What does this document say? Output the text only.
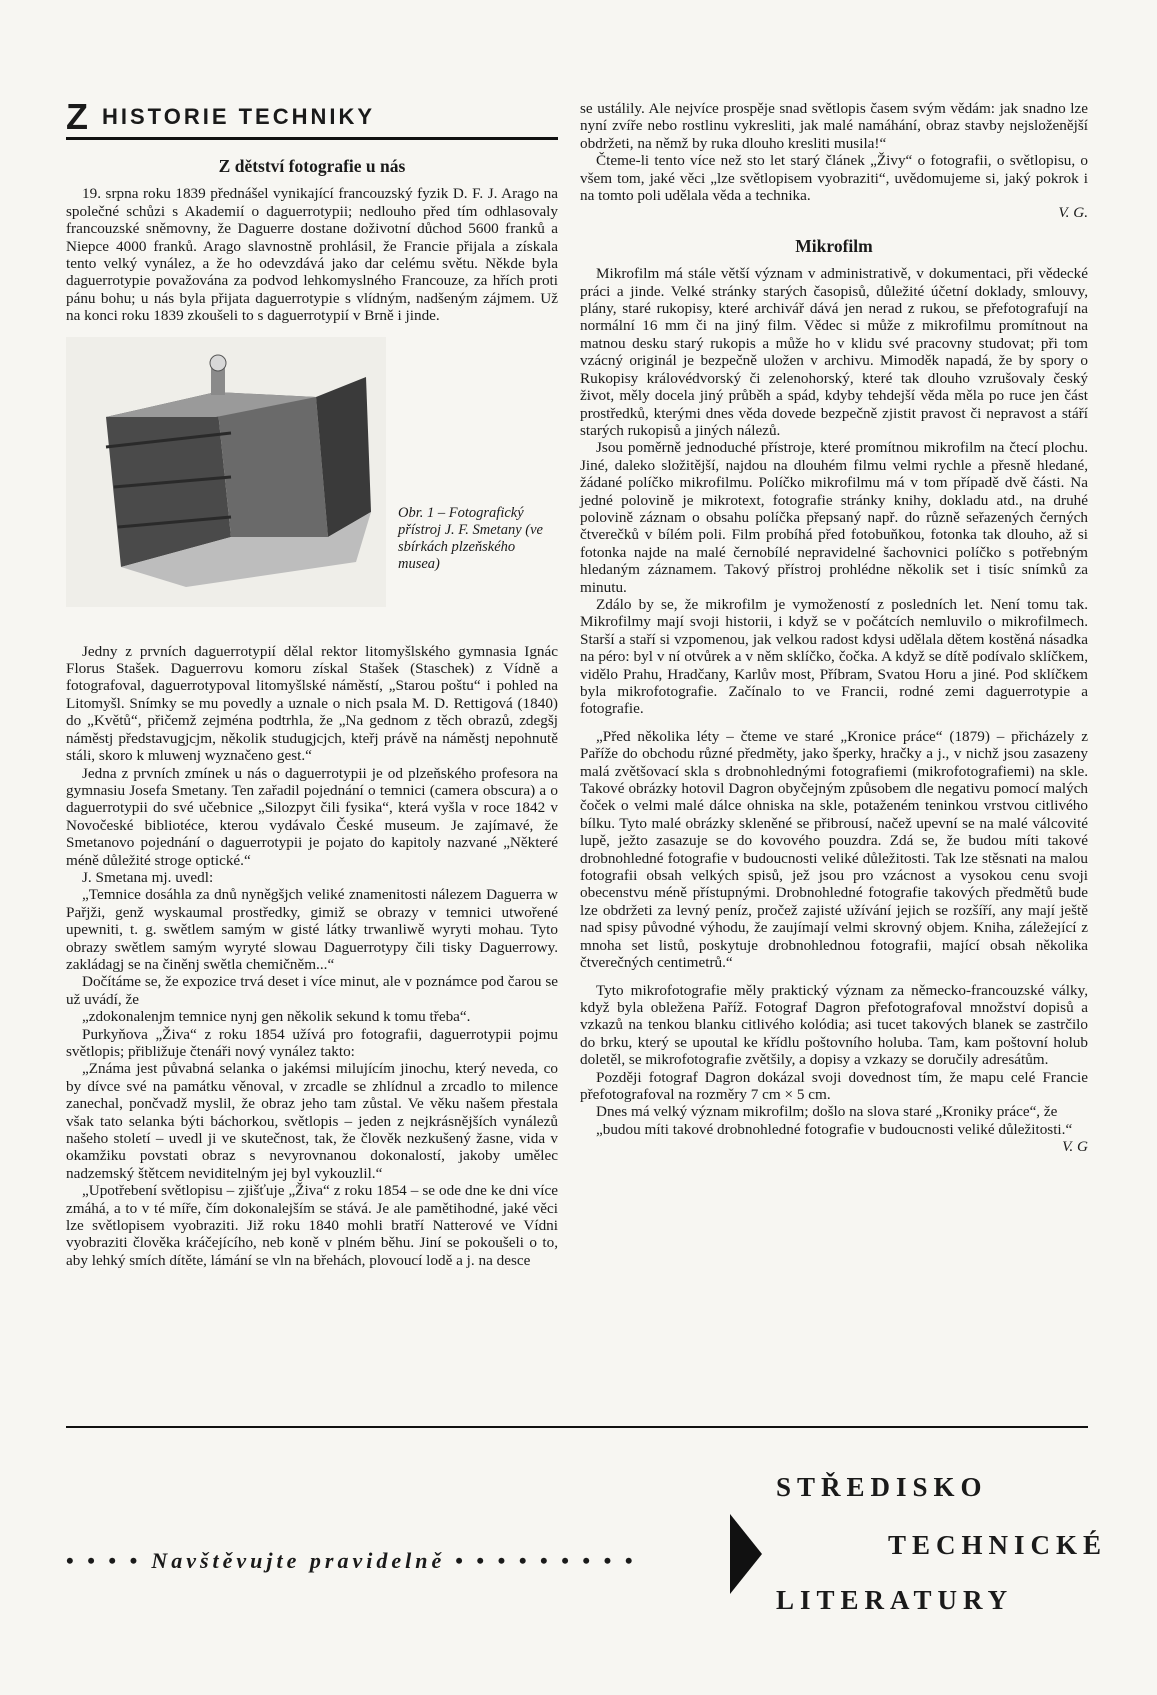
Z HISTORIE TECHNIKY
Z dětství fotografie u nás

19. srpna roku 1839 přednášel vynikající francouzský fyzik D. F. J. Arago na společné schůzi s Akademií o daguerrotypii; nedlouho před tím odhlasovaly francouzské sněmovny, že Daguerre dostane doživotní důchod 5600 franků a Niepce 4000 franků. Arago slavnostně prohlásil, že Francie přijala a získala tento velký vynález, a že ho odevzdává jako dar celému světu. Někde byla daguerrotypie považována za podvod lehkomyslného Francouze, za hřích proti pánu bohu; u nás byla přijata daguerrotypie s vlídným, nadšeným zájmem. Už na konci roku 1839 zkoušeli to s daguerrotypií v Brně i jinde.

Obr. 1 – Fotografický přístroj J. F. Smetany (ve sbírkách plzeňského musea)

Jedny z prvních daguerrotypií dělal rektor litomyšlského gymnasia Ignác Florus Stašek. Daguerrovu komoru získal Stašek (Staschek) z Vídně a fotografoval, daguerrotypoval litomyšlské náměstí, „Starou poštu“ i pohled na Litomyšl. Snímky se mu povedly a uznale o nich psala M. D. Rettigová (1840) do „Květů“, přičemž zejména podtrhla, že „Na gednom z těch obrazů, zdegšj náměstj představugjcjm, několik studugjcjch, kteřj právě na náměstj nepohnutě stáli, skoro k mluwenj wyznačeno gest.“

Jedna z prvních zmínek u nás o daguerrotypii je od plzeňského profesora na gymnasiu Josefa Smetany. Ten zařadil pojednání o temnici (camera obscura) a o daguerrotypii do své učebnice „Silozpyt čili fysika“, která vyšla v roce 1842 v Novočeské bibliotéce, kterou vydávalo České museum. Je zajímavé, že Smetanovo pojednání o daguerrotypii je pojato do kapitoly nazvané „Některé méně důležité stroge optické.“

J. Smetana mj. uvedl:

„Temnice dosáhla za dnů nyněgšjch veliké znamenitosti nálezem Daguerra w Pařjži, genž wyskaumal prostředky, gimiž se obrazy v temnici utwořené upewniti, t. g. swětlem samým w gisté látky trwanliwě wyryti mohau. Tyto obrazy swětlem samým wyryté slowau Daguerrotypy čili tisky Daguerrowy. zakládagj se na činěnj swětla chemičněm...“

Dočítáme se, že expozice trvá deset i více minut, ale v poznámce pod čarou se už uvádí, že

„zdokonalenjm temnice nynj gen několik sekund k tomu třeba“.

Purkyňova „Živa“ z roku 1854 užívá pro fotografii, daguerrotypii pojmu světlopis; přibližuje čtenáři nový vynález takto:

„Známa jest půvabná selanka o jakémsi milujícím jinochu, který neveda, co by dívce své na památku věnoval, v zrcadle se zhlídnul a zrcadlo to milence zanechal, pončvadž myslil, že obraz jeho tam zůstal. Ve věku našem přestala však tato selanka býti báchorkou, světlopis – jeden z nejkrásnějších vynálezů našeho století – uvedl ji ve skutečnost, tak, že člověk nezkušený žasne, vida v okamžiku povstati obraz s nevyrovnanou dokonalostí, jakoby umělec nadzemský štětcem neviditelným jej byl vykouzlil.“

„Upotřebení světlopisu – zjišťuje „Živa“ z roku 1854 – se ode dne ke dni více zmáhá, a to v té míře, čím dokonalejším se stává. Je ale pamětihodné, jaké věci lze světlopisem vyobraziti. Již roku 1840 mohli bratří Natterové ve Vídni vyobraziti člověka kráčejícího, neb koně v plném běhu. Jiní se pokoušeli o to, aby lehký smích dítěte, lámání se vln na břehách, plovoucí lodě a j. na desce

se ustálily. Ale nejvíce prospěje snad světlopis časem svým vědám: jak snadno lze nyní zvíře nebo rostlinu vykresliti, jak malé namáhání, obraz stavby nejsloženější obdržeti, na němž by ruka dlouho kresliti musila!“

Čteme-li tento více než sto let starý článek „Živy“ o fotografii, o světlopisu, o všem tom, jaké věci „lze světlopisem vyobraziti“, uvědomujeme si, jaký pokrok i na tomto poli udělala věda a technika.

V. G.
Mikrofilm

Mikrofilm má stále větší význam v administrativě, v dokumentaci, při vědecké práci a jinde. Velké stránky starých časopisů, důležité účetní doklady, smlouvy, plány, staré rukopisy, které archivář dává jen nerad z rukou, se přefotografují na normální 16 mm či na jiný film. Vědec si může z mikrofilmu promítnout na matnou desku starý rukopis a může ho v klidu své pracovny studovat; při tom vzácný originál je bezpečně uložen v archivu. Mimoděk napadá, že by spory o Rukopisy královédvorský či zelenohorský, které tak dlouho vzrušovaly český život, měly docela jiný průběh a spád, kdyby tehdejší věda měla po ruce jen část prostředků, kterými dnes věda dovede bezpečně zjistit pravost či nepravost a stáří starých rukopisů a jiných nálezů.

Jsou poměrně jednoduché přístroje, které promítnou mikrofilm na čtecí plochu. Jiné, daleko složitější, najdou na dlouhém filmu velmi rychle a přesně hledané, žádané políčko mikrofilmu. Políčko mikrofilmu má v tom případě dvě části. Na jedné polovině je mikrotext, fotografie stránky knihy, dokladu atd., na druhé polovině záznam o obsahu políčka přepsaný např. do různě seřazených černých čtverečků v bílém poli. Film probíhá před fotobuňkou, fotonka tak dlouho, až si fotonka najde na malé černobílé nepravidelné šachovnici políčko s potřebným hledaným záznamem. Takový přístroj prohlédne několik set i tisíc snímků za minutu.

Zdálo by se, že mikrofilm je vymožeností z posledních let. Není tomu tak. Mikrofilmy mají svoji historii, i když se v počátcích nemluvilo o mikrofilmech. Starší a staří si vzpomenou, jak velkou radost kdysi udělala dětem kostěná násadka na péro: byl v ní otvůrek a v něm sklíčko, čočka. A když se dítě podívalo sklíčkem, vidělo Prahu, Hradčany, Karlův most, Příbram, Svatou Horu a jiné. Pod sklíčkem byla mikrofotografie. Začínalo to ve Francii, rodné zemi daguerrotypie a fotografie.

„Před několika léty – čteme ve staré „Kronice práce“ (1879) – přicházely z Paříže do obchodu různé předměty, jako šperky, hračky a j., v nichž jsou zasazeny malá zvětšovací skla s drobnohlednými fotografiemi (mikrofotografiemi) na skle. Takové obrázky hotovil Dagron obyčejným způsobem dle negativu pomocí malých čoček o velmi malé dálce ohniska na skle, potaženém teninkou vrstvou citlivého bílku. Tyto malé obrázky skleněné se přibrousí, načež upevní se na malé válcovité lupě, ježto zasazuje se do kovového pouzdra. Zdá se, že budou míti takové drobnohledné fotografie v budoucnosti veliké důležitosti. Tak lze stěsnati na malou fotografii obsah velkých spisů, jež jsou pro vzácnost a vysokou cenu svoji obecenstvu méně přístupnými. Drobnohledné fotografie takových předmětů bude lze obdržeti za levný peníz, pročež zajisté užívání jejich se rozšíří, any mají ještě nad spisy původné výhodu, že zaujímají velmi skrovný objem. Kniha, záležející z mnoha set listů, poskytuje drobnohlednou fotografii, mající obsah několika čtverečných centimetrů.“

Tyto mikrofotografie měly praktický význam za německo-francouzské války, když byla obležena Paříž. Fotograf Dagron přefotografoval množství dopisů a vzkazů na tenkou blanku citlivého kolódia; asi tucet takových blanek se zastrčilo do brku, který se upoutal ke křídlu poštovního holuba. Tam, kam poštovní holub doletěl, se mikrofotografie zvětšily, a dopisy a vzkazy se doručily adresátům.

Později fotograf Dagron dokázal svoji dovednost tím, že mapu celé Francie přefotografoval na rozměry 7 cm × 5 cm.

Dnes má velký význam mikrofilm; došlo na slova staré „Kroniky práce“, že

„budou míti takové drobnohledné fotografie v budoucnosti veliké důležitosti.“

V. G
• • • • Navštěvujte pravidelně • • • • • • • • •
STŘEDISKO
TECHNICKÉ
LITERATURY
